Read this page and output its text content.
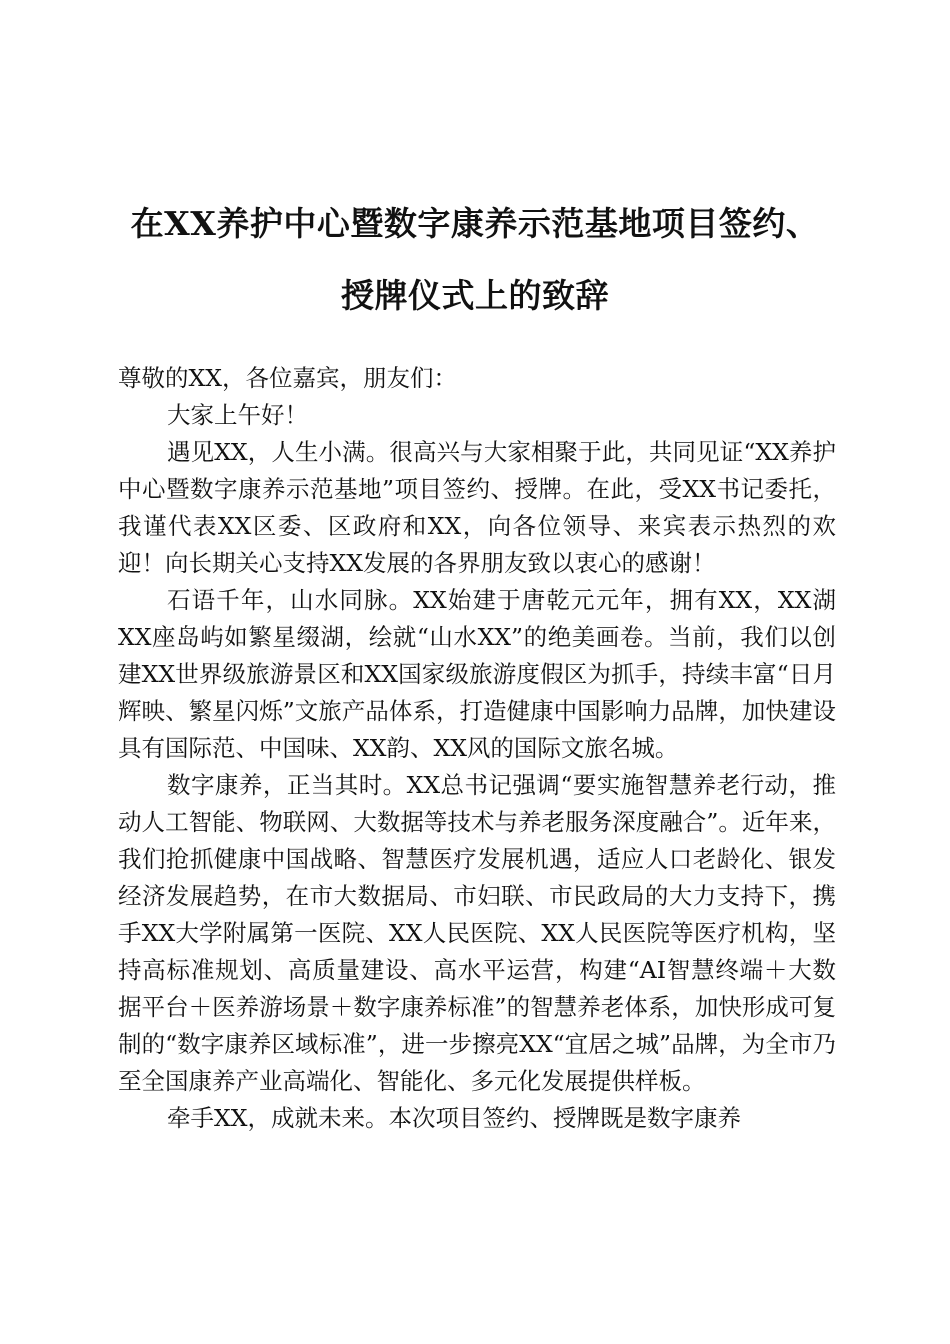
在XX养护中心暨数字康养示范基地项目签约、
授牌仪式上的致辞

尊敬的XX，各位嘉宾，朋友们：

大家上午好！

遇见XX，人生小满。很高兴与大家相聚于此，共同见证“XX养护中心暨数字康养示范基地”项目签约、授牌。在此，受XX书记委托，我谨代表XX区委、区政府和XX，向各位领导、来宾表示热烈的欢迎！向长期关心支持XX发展的各界朋友致以衷心的感谢！

石语千年，山水同脉。XX始建于唐乾元元年，拥有XX，XX湖XX座岛屿如繁星缀湖，绘就“山水XX”的绝美画卷。当前，我们以创建XX世界级旅游景区和XX国家级旅游度假区为抓手，持续丰富“日月辉映、繁星闪烁”文旅产品体系，打造健康中国影响力品牌，加快建设具有国际范、中国味、XX韵、XX风的国际文旅名城。

数字康养，正当其时。XX总书记强调“要实施智慧养老行动，推动人工智能、物联网、大数据等技术与养老服务深度融合”。近年来，我们抢抓健康中国战略、智慧医疗发展机遇，适应人口老龄化、银发经济发展趋势，在市大数据局、市妇联、市民政局的大力支持下，携手XX大学附属第一医院、XX人民医院、XX人民医院等医疗机构，坚持高标准规划、高质量建设、高水平运营，构建“AI智慧终端＋大数据平台＋医养游场景＋数字康养标准”的智慧养老体系，加快形成可复制的“数字康养区域标准”，进一步擦亮XX“宜居之城”品牌，为全市乃至全国康养产业高端化、智能化、多元化发展提供样板。

牵手XX，成就未来。本次项目签约、授牌既是数字康养
